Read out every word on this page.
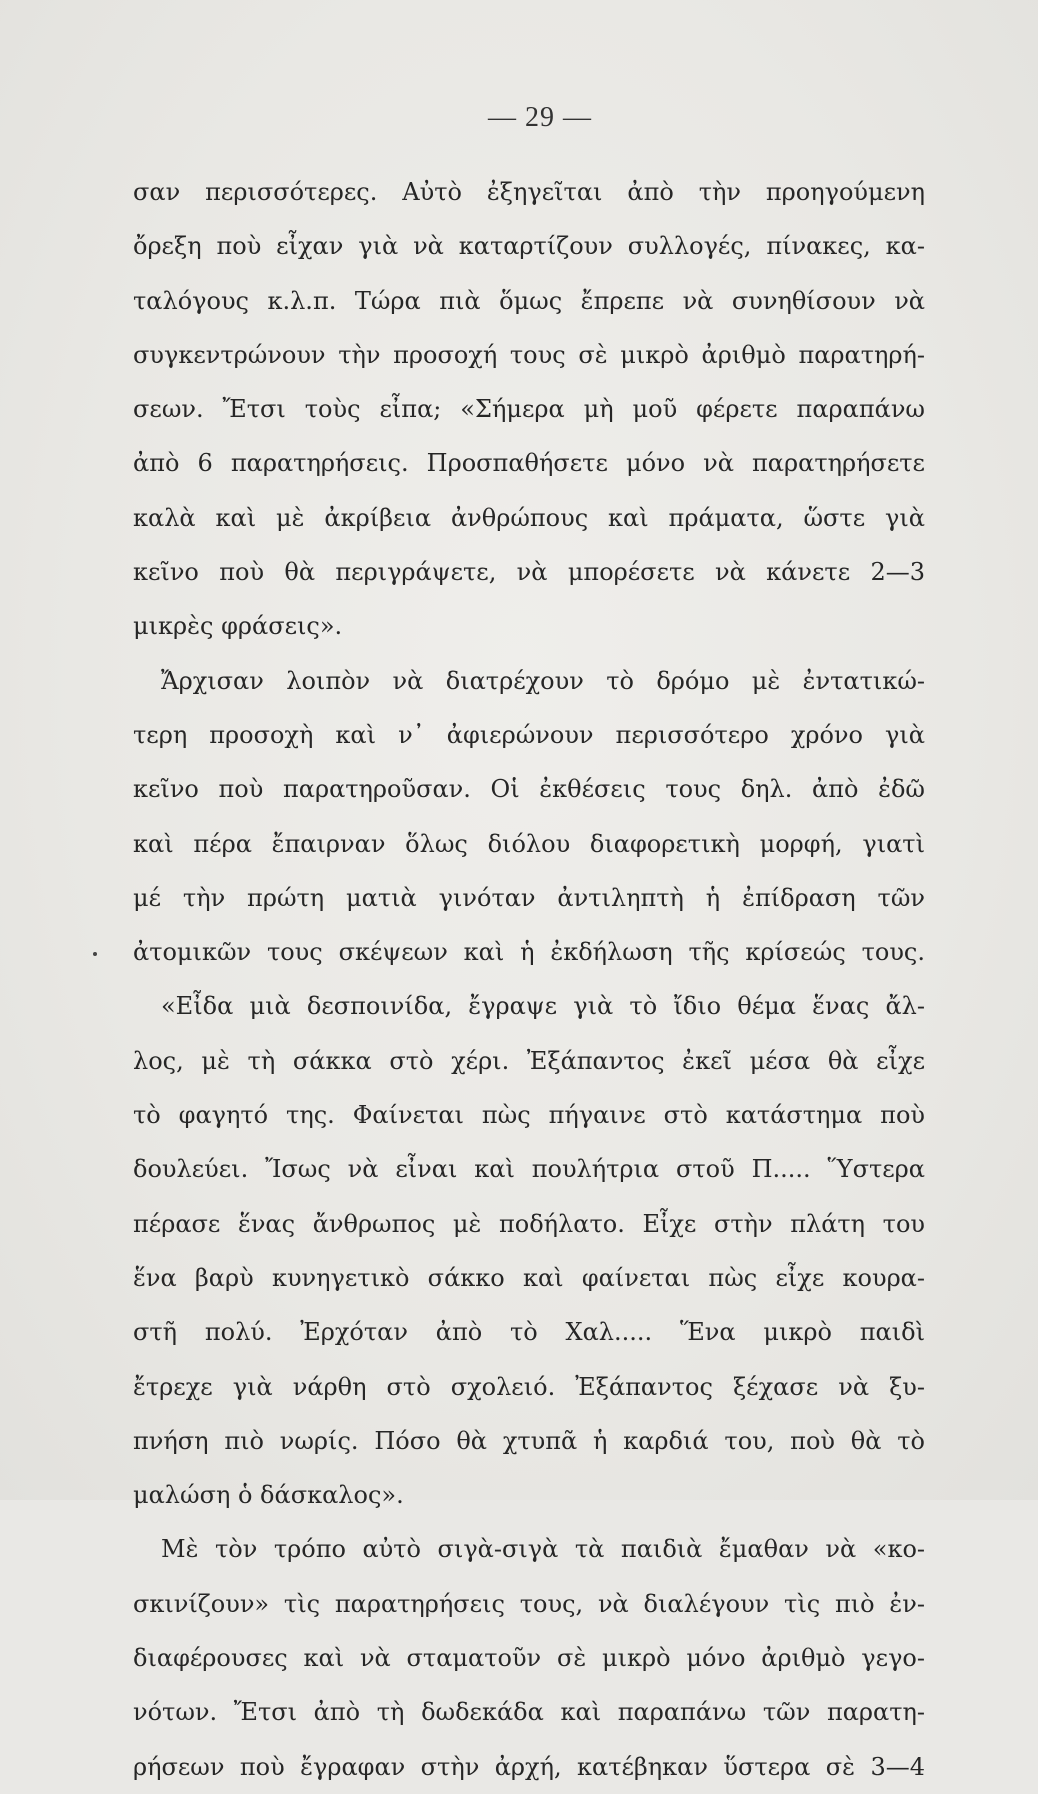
— 29 —
σαν περισσότερες. Αὐτὸ ἐξηγεῖται ἀπὸ τὴν προηγούμενη
ὄρεξη ποὺ εἶχαν γιὰ νὰ καταρτίζουν συλλογές, πίνακες, κα-
ταλόγους κ.λ.π. Τώρα πιὰ ὅμως ἔπρεπε νὰ συνηθίσουν νὰ
συγκεντρώνουν τὴν προσοχή τους σὲ μικρὸ ἀριθμὸ παρατηρή-
σεων. Ἔτσι τοὺς εἶπα; «Σήμερα μὴ μοῦ φέρετε παραπάνω
ἀπὸ 6 παρατηρήσεις. Προσπαθήσετε μόνο νὰ παρατηρήσετε
καλὰ καὶ μὲ ἀκρίβεια ἀνθρώπους καὶ πράματα, ὥστε γιὰ
κεῖνο ποὺ θὰ περιγράψετε, νὰ μπορέσετε νὰ κάνετε 2—3
μικρὲς φράσεις».
Ἄρχισαν λοιπὸν νὰ διατρέχουν τὸ δρόμο μὲ ἐντατικώ-
τερη προσοχὴ καὶ ν᾽ ἀφιερώνουν περισσότερο χρόνο γιὰ
κεῖνο ποὺ παρατηροῦσαν. Οἱ ἐκθέσεις τους δηλ. ἀπὸ ἐδῶ
καὶ πέρα ἔπαιρναν ὅλως διόλου διαφορετικὴ μορφή, γιατὶ
μέ τὴν πρώτη ματιὰ γινόταν ἀντιληπτὴ ἡ ἐπίδραση τῶν
ἀτομικῶν τους σκέψεων καὶ ἡ ἐκδήλωση τῆς κρίσεώς τους.
«Εἶδα μιὰ δεσποινίδα, ἔγραψε γιὰ τὸ ἴδιο θέμα ἕνας ἄλ-
λος, μὲ τὴ σάκκα στὸ χέρι. Ἐξάπαντος ἐκεῖ μέσα θὰ εἶχε
τὸ φαγητό της. Φαίνεται πὼς πήγαινε στὸ κατάστημα ποὺ
δουλεύει. Ἴσως νὰ εἶναι καὶ πουλήτρια στοῦ Π..... Ὕστερα
πέρασε ἕνας ἄνθρωπος μὲ ποδήλατο. Εἶχε στὴν πλάτη του
ἕνα βαρὺ κυνηγετικὸ σάκκο καὶ φαίνεται πὼς εἶχε κουρα-
στῆ πολύ. Ἐρχόταν ἀπὸ τὸ Χαλ..... Ἕνα μικρὸ παιδὶ
ἔτρεχε γιὰ νάρθη στὸ σχολειό. Ἐξάπαντος ξέχασε νὰ ξυ-
πνήση πιὸ νωρίς. Πόσο θὰ χτυπᾶ ἡ καρδιά του, ποὺ θὰ τὸ
μαλώση ὁ δάσκαλος».
Μὲ τὸν τρόπο αὐτὸ σιγὰ-σιγὰ τὰ παιδιὰ ἔμαθαν νὰ «κο-
σκινίζουν» τὶς παρατηρήσεις τους, νὰ διαλέγουν τὶς πιὸ ἐν-
διαφέρουσες καὶ νὰ σταματοῦν σὲ μικρὸ μόνο ἀριθμὸ γεγο-
νότων. Ἔτσι ἀπὸ τὴ δωδεκάδα καὶ παραπάνω τῶν παρατη-
ρήσεων ποὺ ἔγραφαν στὴν ἀρχή, κατέβηκαν ὕστερα σὲ 3—4
